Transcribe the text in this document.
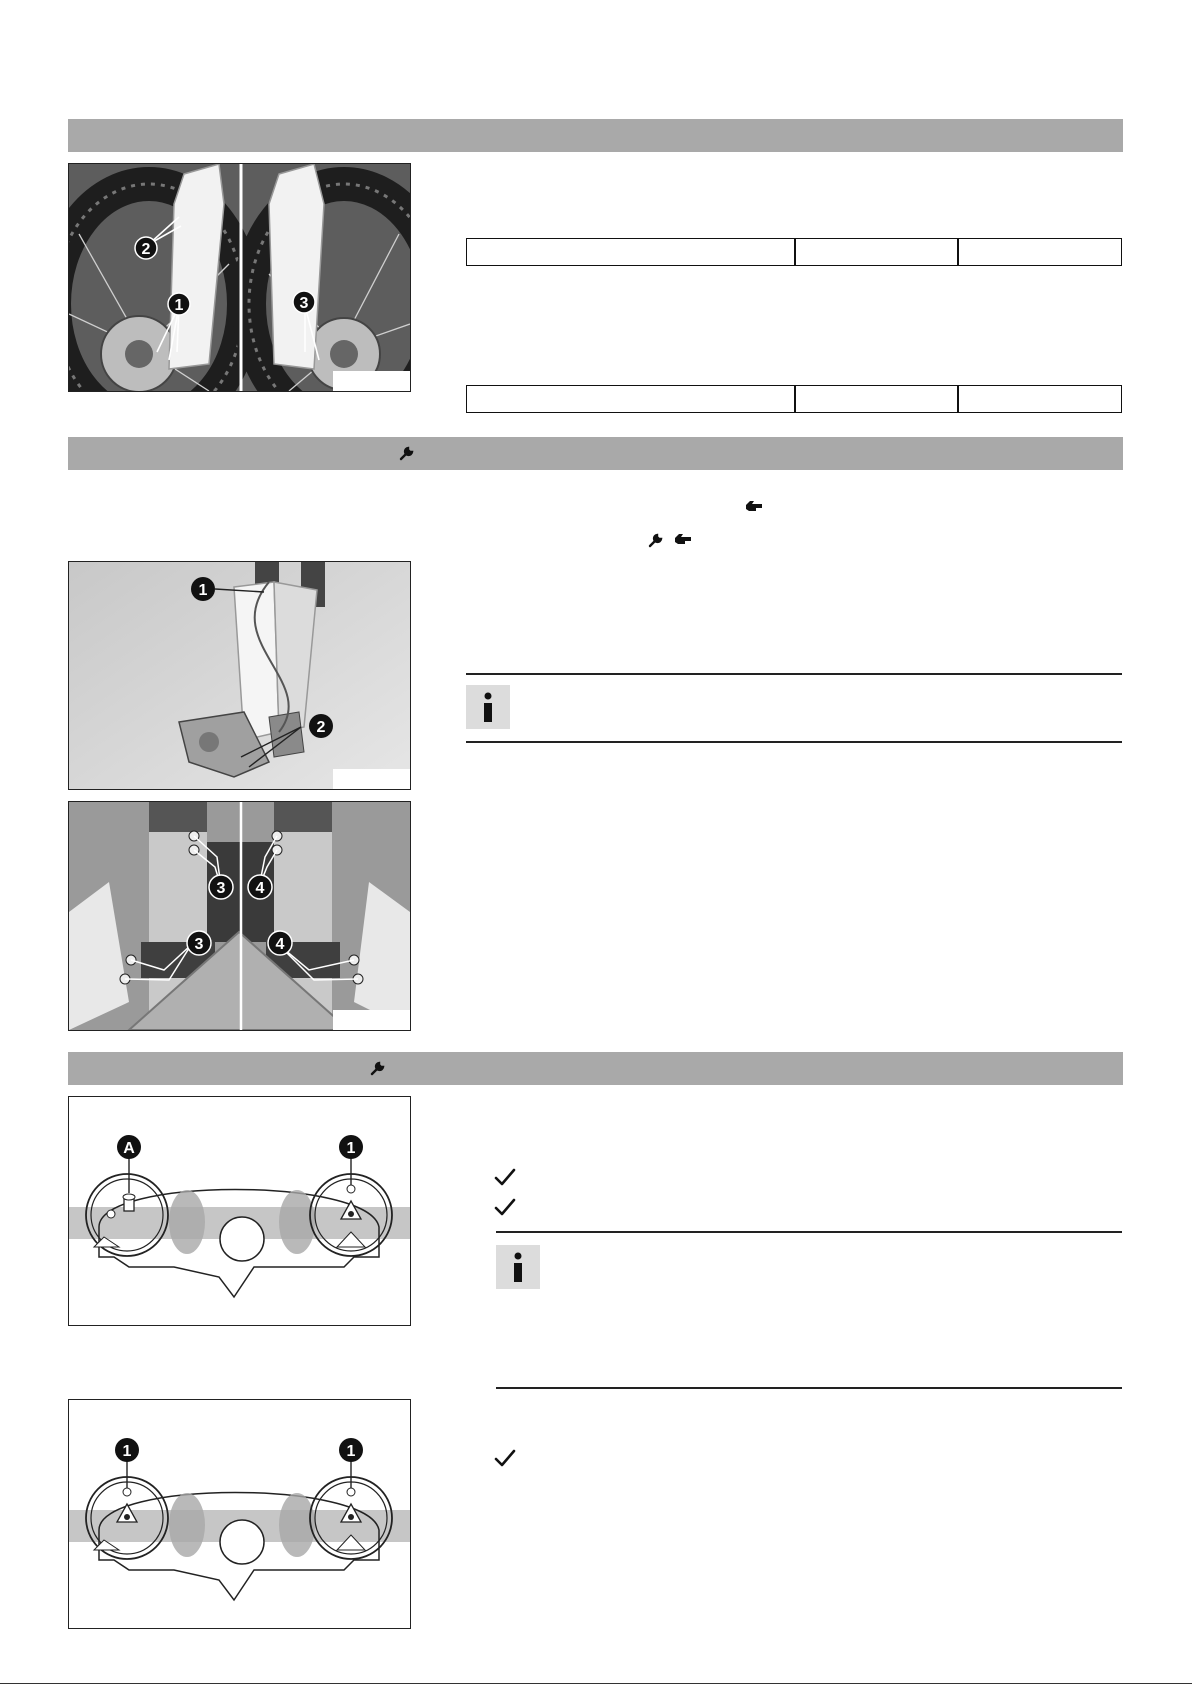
2
1	3
1
2
3 4
3	4
A	1
1	1
